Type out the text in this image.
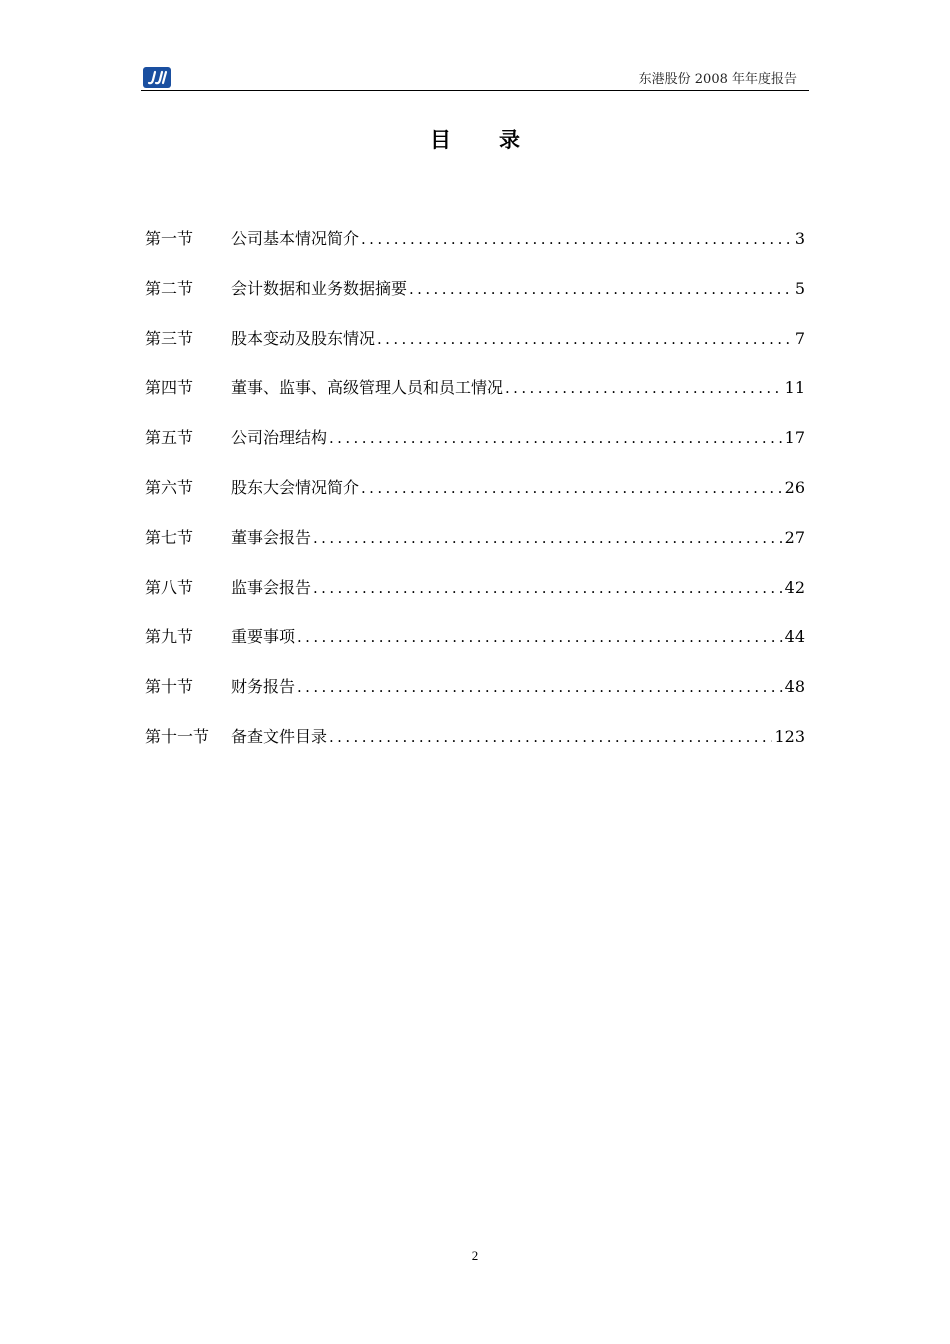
东港股份 2008 年年度报告
目录
第一节	公司基本情况简介 .....	3
第二节	会计数据和业务数据摘要 .....	5
第三节	股本变动及股东情况 .....	7
第四节	董事、监事、高级管理人员和员工情况 .....	11
第五节	公司治理结构 .....	17
第六节	股东大会情况简介 .....	26
第七节	董事会报告 .....	27
第八节	监事会报告 .....	42
第九节	重要事项 .....	44
第十节	财务报告 .....	48
第十一节	备查文件目录 .....	123
2
